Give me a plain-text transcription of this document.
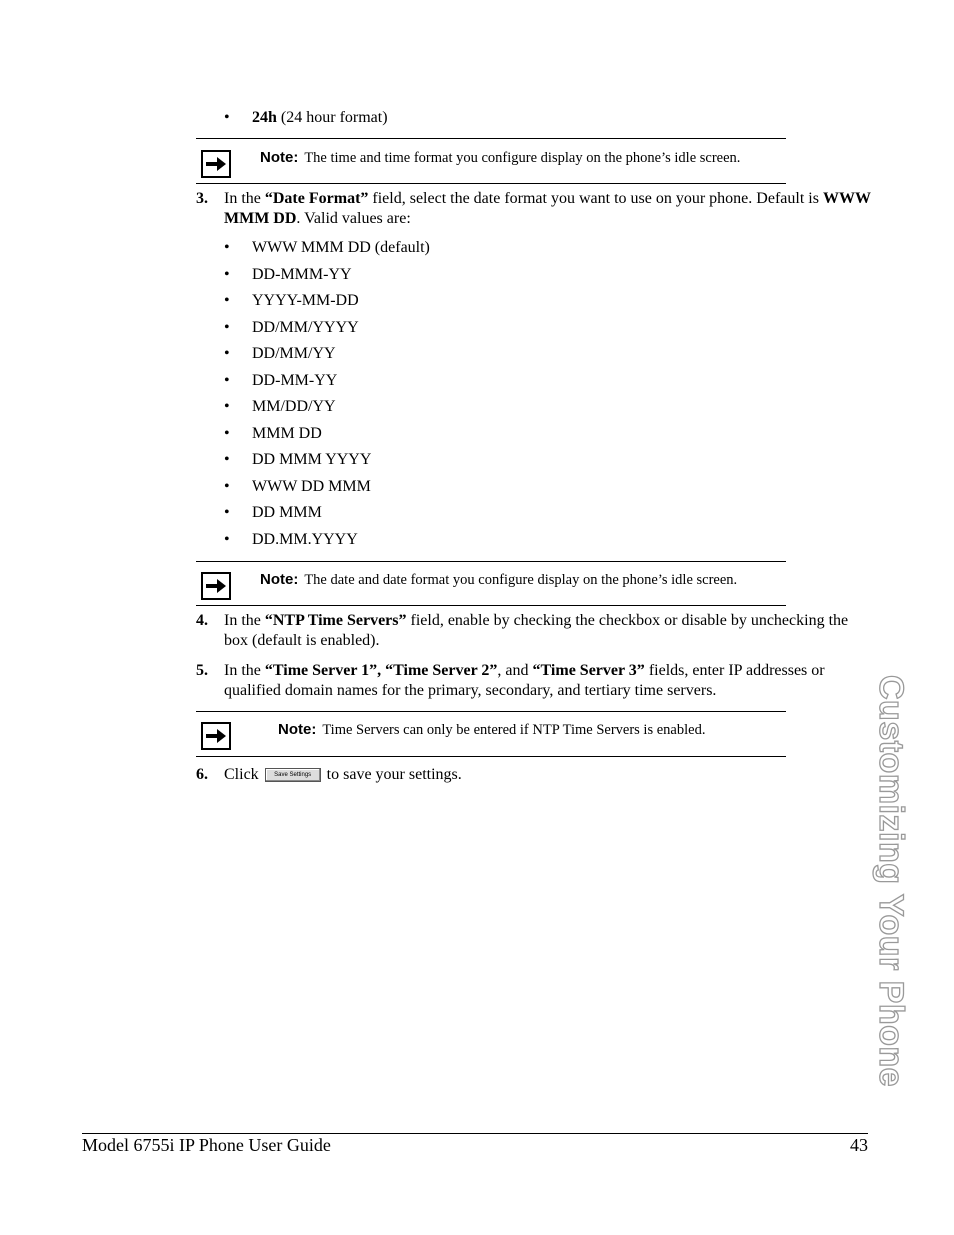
• 24h (24 hour format)
Note: The time and time format you configure display on the phone’s idle screen.
3. In the “Date Format” field, select the date format you want to use on your phone. Default is WWW MMM DD. Valid values are:
• WWW MMM DD (default)
• DD-MMM-YY
• YYYY-MM-DD
• DD/MM/YYYY
• DD/MM/YY
• DD-MM-YY
• MM/DD/YY
• MMM DD
• DD MMM YYYY
• WWW DD MMM
• DD MMM
• DD.MM.YYYY
Note: The date and date format you configure display on the phone’s idle screen.
4. In the “NTP Time Servers” field, enable by checking the checkbox or disable by unchecking the box (default is enabled).
5. In the “Time Server 1”, “Time Server 2”, and “Time Server 3” fields, enter IP addresses or qualified domain names for the primary, secondary, and tertiary time servers.
Note: Time Servers can only be entered if NTP Time Servers is enabled.
6. Click Save Settings to save your settings.	Customizing Your Phone
Model 6755i IP Phone User Guide	43
